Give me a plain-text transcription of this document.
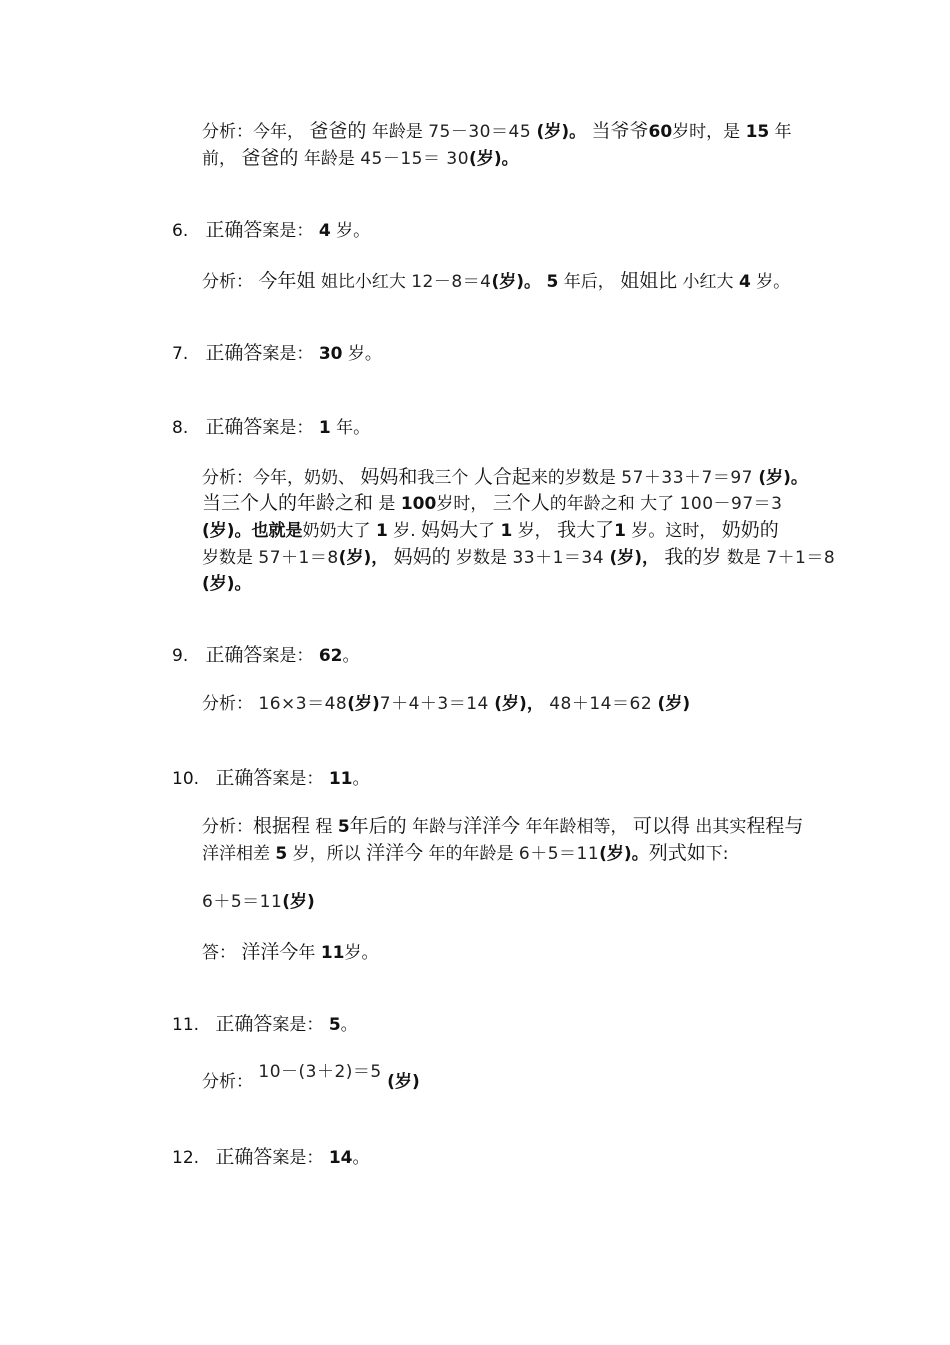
分析：今年， 爸爸的 年龄是 75－30＝45 (岁)。 当爷爷60岁时，是 15 年
前， 爸爸的 年龄是 45－15＝ 30(岁)。
6. 正确答案是： 4 岁。
分析： 今年姐 姐比小红大 12－8＝4(岁)。 5 年后， 姐姐比 小红大 4 岁。
7. 正确答案是： 30 岁。
8. 正确答案是： 1 年。
分析：今年，奶奶、 妈妈和我三个 人合起来的岁数是 57＋33＋7＝97 (岁)。
当三个人的年龄之和 是 100岁时， 三个人的年龄之和 大了 100－97＝3
(岁)。也就是奶奶大了 1 岁. 妈妈大了 1 岁， 我大了1 岁。这时， 奶奶的
岁数是 57＋1＝8(岁)， 妈妈的 岁数是 33＋1＝34 (岁)， 我的岁 数是 7＋1＝8
(岁)。
9. 正确答案是： 62。
分析： 16×3＝48(岁)7＋4＋3＝14 (岁)， 48＋14＝62 (岁)
10. 正确答案是： 11。
分析：根据程 程 5年后的 年龄与洋洋今 年年龄相等， 可以得 出其实程程与
洋洋相差 5 岁，所以 洋洋今 年的年龄是 6＋5＝11(岁)。列式如下:
6＋5＝11(岁)
答： 洋洋今年 11岁。
11. 正确答案是： 5。
分析： 10－(3＋2)＝5 (岁)
12. 正确答案是： 14。
